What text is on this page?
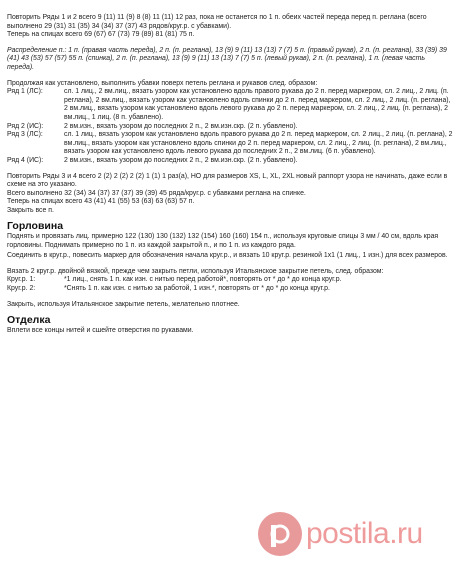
Повторить Ряды 1 и 2 всего 9 (11) 11 (9) 8 (8) 11 (11) 12 раз, пока не останется по 1 п. обеих частей переда перед п. реглана (всего выполнено 29 (31) 31 (35) 34 (34) 37 (37) 43 рядов/круг.р. с убавками).
Теперь на спицах всего 69 (67) 67 (73) 79 (89) 81 (81) 75 п.

Распределение п.: 1 п. (правая часть переда), 2 п. (п. реглана), 13 (9) 9 (11) 13 (13) 7 (7) 5 п. (правый рукав), 2 п. (п. реглана), 33 (39) 39 (41) 43 (53) 57 (57) 55 п. (спинка), 2 п. (п. реглана), 13 (9) 9 (11) 13 (13) 7 (7) 5 п. (левый рукав), 2 п. (п. реглана), 1 п. (левая часть переда).

Продолжая как установлено, выполнить убавки поверх петель реглана и рукавов след. образом:
Ряд 1 (ЛС):	сл. 1 лиц., 2 вм.лиц., вязать узором как установлено вдоль правого рукава до 2 п. перед маркером, сл. 2 лиц., 2 лиц. (п. реглана), 2 вм.лиц., вязать узором как установлено вдоль спинки до 2 п. перед маркером, сл. 2 лиц., 2 лиц. (п. реглана), 2 вм.лиц., вязать узором как установлено вдоль левого рукава до 2 п. перед маркером, сл. 2 лиц., 2 лиц. (п. реглана), 2 вм.лиц., 1 лиц. (8 п. убавлено).
Ряд 2 (ИС):	2 вм.изн., вязать узором до последних 2 п., 2 вм.изн.скр. (2 п. убавлено).
Ряд 3 (ЛС):	сл. 1 лиц., вязать узором как установлено вдоль правого рукава до 2 п. перед маркером, сл. 2 лиц., 2 лиц. (п. реглана), 2 вм.лиц., вязать узором как установлено вдоль спинки до 2 п. перед маркером, сл. 2 лиц., 2 лиц. (п. реглана), 2 вм.лиц., вязать узором как установлено вдоль левого рукава до последних 2 п., 2 вм.лиц. (6 п. убавлено).
Ряд 4 (ИС):	2 вм.изн., вязать узором до последних 2 п., 2 вм.изн.скр. (2 п. убавлено).

Повторить Ряды 3 и 4 всего 2 (2) 2 (2) 2 (2) 1 (1) 1 раз(а), НО для размеров XS, L, XL, 2XL новый раппорт узора не начинать, даже если в схеме на это указано.
Всего выполнено 32 (34) 34 (37) 37 (37) 39 (39) 45 ряда/круг.р. с убавками реглана на спинке.
Теперь на спицах всего 43 (41) 41 (55) 53 (63) 63 (63) 57 п.
Закрыть все п.

Горловина

Поднять и провязать лиц. примерно 122 (130) 130 (132) 132 (154) 160 (160) 154 п., используя круговые спицы 3 мм / 40 см, вдоль края горловины. Поднимать примерно по 1 п. из каждой закрытой п., и по 1 п. из каждого ряда.

Соединить в круг.р., повесить маркер для обозначения начала круг.р., и вязать 10 круг.р. резинкой 1х1 (1 лиц., 1 изн.) для всех размеров.

Вязать 2 круг.р. двойной вязкой, прежде чем закрыть петли, используя Итальянское закрытие петель, след. образом:
Круг.р. 1:	*1 лиц., снять 1 п. как изн. с нитью перед работой*, повторять от * до * до конца круг.р.
Круг.р. 2:	*Снять 1 п. как изн. с нитью за работой, 1 изн.*, повторять от * до * до конца круг.р.

Закрыть, используя Итальянское закрытие петель, желательно плотнее.

Отделка

Вплети все концы нитей и сшейте отверстия по рукавами.

postila.ru
